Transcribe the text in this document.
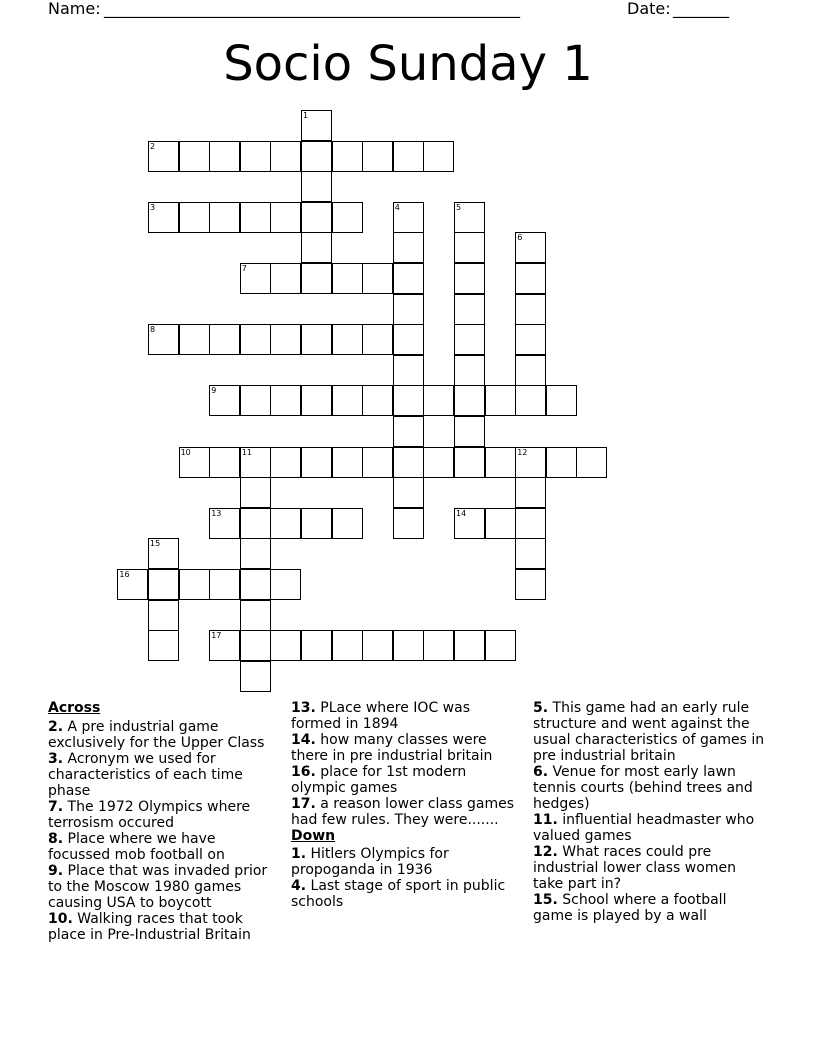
Name: ____________________________________________________	Date: _______
Socio Sunday 1
1
2
3	4	5
6
7
8
9
10	11	12
13	14
15
16
17
Across
2. A pre industrial game exclusively for the Upper Class
3. Acronym we used for characteristics of each time phase
7. The 1972 Olympics where terrosism occured
8. Place where we have focussed mob football on
9. Place that was invaded prior to the Moscow 1980 games causing USA to boycott
10. Walking races that took place in Pre-Industrial Britain
13. PLace where IOC was formed in 1894
14. how many classes were there in pre industrial britain
16. place for 1st modern olympic games
17. a reason lower class games had few rules. They were.......
Down
1. Hitlers Olympics for propoganda in 1936
4. Last stage of sport in public schools
5. This game had an early rule structure and went against the usual characteristics of games in pre industrial britain
6. Venue for most early lawn tennis courts (behind trees and hedges)
11. influential headmaster who valued games
12. What races could pre industrial lower class women take part in?
15. School where a football game is played by a wall
